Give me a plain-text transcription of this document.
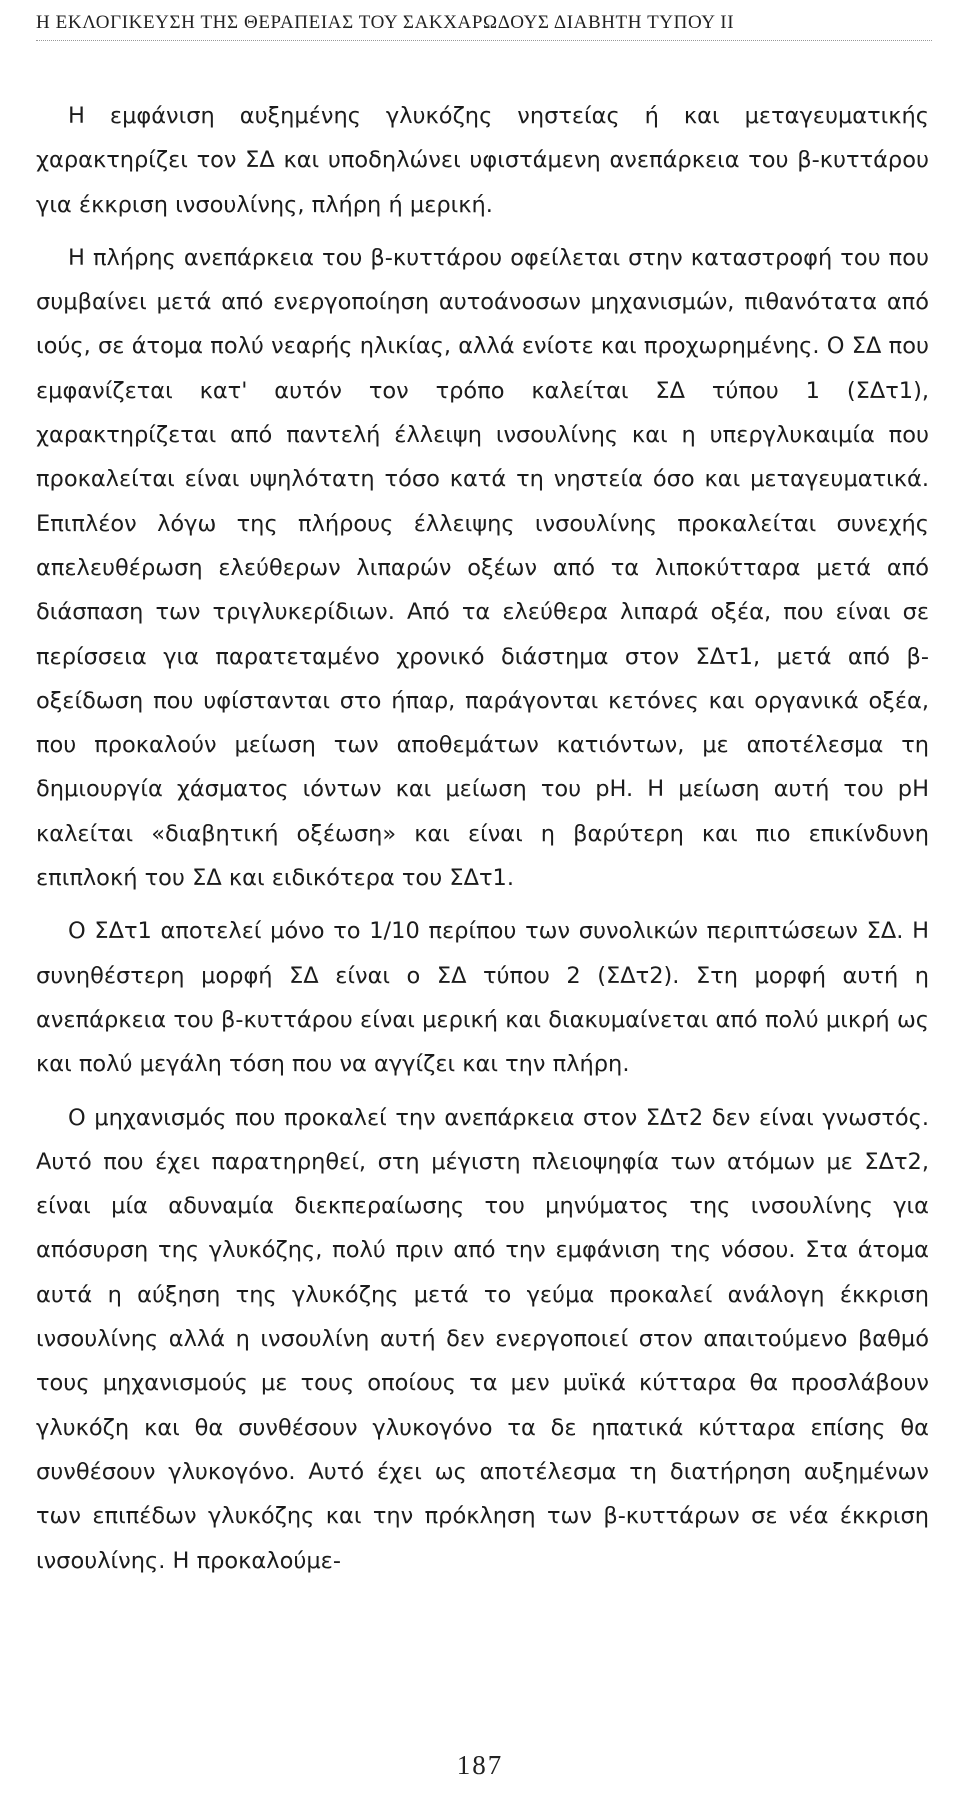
Η ΕΚΛΟΓΙΚΕΥΣΗ ΤΗΣ ΘΕΡΑΠΕΙΑΣ ΤΟΥ ΣΑΚΧΑΡΩΔΟΥΣ ΔΙΑΒΗΤΗ ΤΥΠΟΥ ΙΙ

Η εμφάνιση αυξημένης γλυκόζης νηστείας ή και μεταγευματικής χαρακτηρίζει τον ΣΔ και υποδηλώνει υφιστάμενη ανεπάρκεια του β-κυττάρου για έκκριση ινσουλίνης, πλήρη ή μερική.

Η πλήρης ανεπάρκεια του β-κυττάρου οφείλεται στην καταστροφή του που συμβαίνει μετά από ενεργοποίηση αυτοάνοσων μηχανισμών, πιθανότατα από ιούς, σε άτομα πολύ νεαρής ηλικίας, αλλά ενίοτε και προχωρημένης. Ο ΣΔ που εμφανίζεται κατ' αυτόν τον τρόπο καλείται ΣΔ τύπου 1 (ΣΔτ1), χαρακτηρίζεται από παντελή έλλειψη ινσουλίνης και η υπεργλυκαιμία που προκαλείται είναι υψηλότατη τόσο κατά τη νηστεία όσο και μεταγευματικά. Επιπλέον λόγω της πλήρους έλλειψης ινσουλίνης προκαλείται συνεχής απελευθέρωση ελεύθερων λιπαρών οξέων από τα λιποκύτταρα μετά από διάσπαση των τριγλυκερίδιων. Από τα ελεύθερα λιπαρά οξέα, που είναι σε περίσσεια για παρατεταμένο χρονικό διάστημα στον ΣΔτ1, μετά από β-οξείδωση που υφίστανται στο ήπαρ, παράγονται κετόνες και οργανικά οξέα, που προκαλούν μείωση των αποθεμάτων κατιόντων, με αποτέλεσμα τη δημιουργία χάσματος ιόντων και μείωση του pH. Η μείωση αυτή του pH καλείται «διαβητική οξέωση» και είναι η βαρύτερη και πιο επικίνδυνη επιπλοκή του ΣΔ και ειδικότερα του ΣΔτ1.

Ο ΣΔτ1 αποτελεί μόνο το 1/10 περίπου των συνολικών περιπτώσεων ΣΔ. Η συνηθέστερη μορφή ΣΔ είναι ο ΣΔ τύπου 2 (ΣΔτ2). Στη μορφή αυτή η ανεπάρκεια του β-κυττάρου είναι μερική και διακυμαίνεται από πολύ μικρή ως και πολύ μεγάλη τόση που να αγγίζει και την πλήρη.

Ο μηχανισμός που προκαλεί την ανεπάρκεια στον ΣΔτ2 δεν είναι γνωστός. Αυτό που έχει παρατηρηθεί, στη μέγιστη πλειοψηφία των ατόμων με ΣΔτ2, είναι μία αδυναμία διεκπεραίωσης του μηνύματος της ινσουλίνης για απόσυρση της γλυκόζης, πολύ πριν από την εμφάνιση της νόσου. Στα άτομα αυτά η αύξηση της γλυκόζης μετά το γεύμα προκαλεί ανάλογη έκκριση ινσουλίνης αλλά η ινσουλίνη αυτή δεν ενεργοποιεί στον απαιτούμενο βαθμό τους μηχανισμούς με τους οποίους τα μεν μυϊκά κύτταρα θα προσλάβουν γλυκόζη και θα συνθέσουν γλυκογόνο τα δε ηπατικά κύτταρα επίσης θα συνθέσουν γλυκογόνο. Αυτό έχει ως αποτέλεσμα τη διατήρηση αυξημένων των επιπέδων γλυκόζης και την πρόκληση των β-κυττάρων σε νέα έκκριση ινσουλίνης. Η προκαλούμε-

187
